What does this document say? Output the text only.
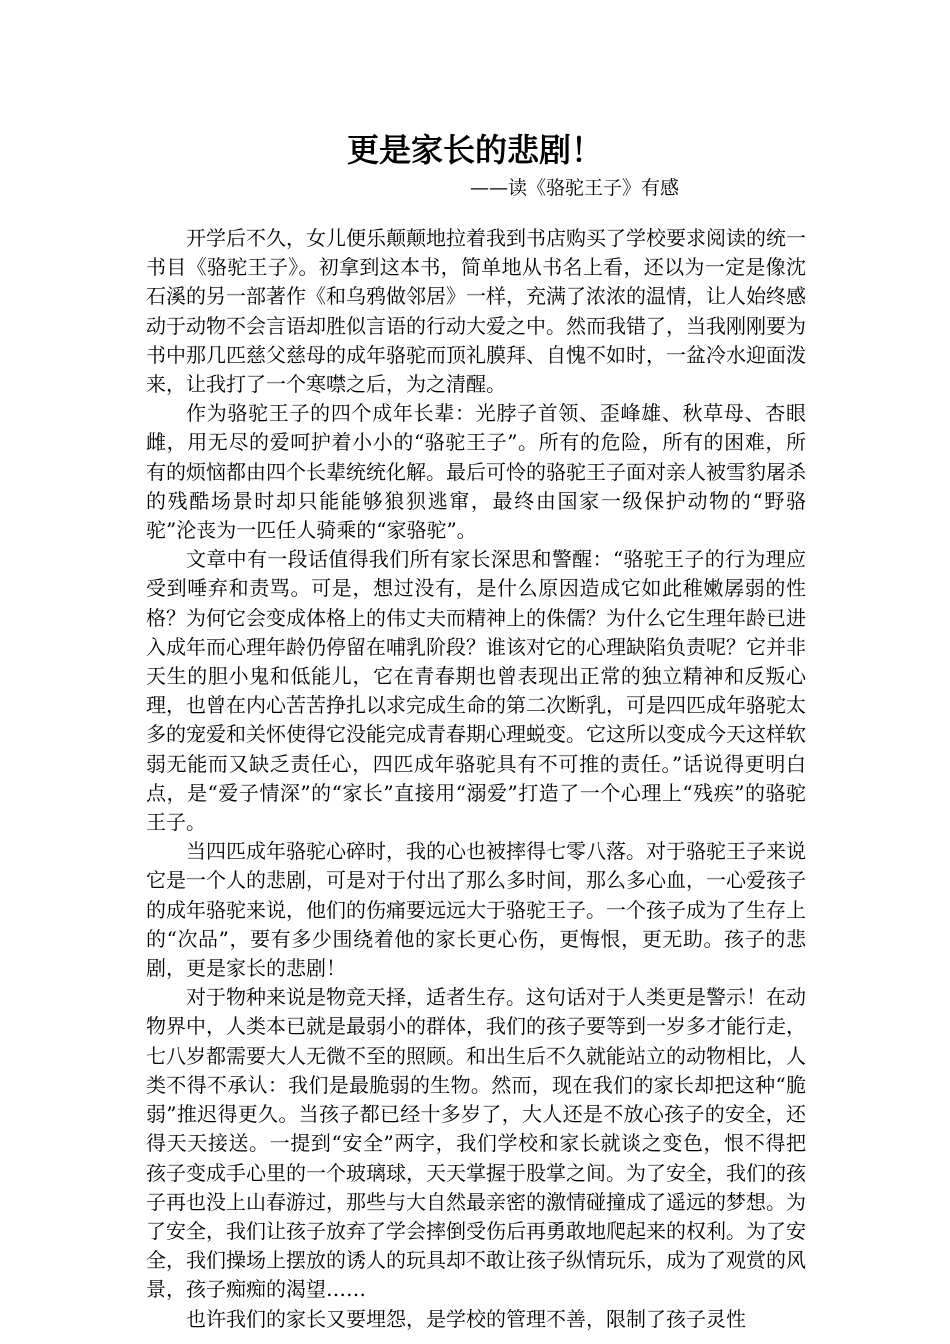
更是家长的悲剧！
——读《骆驼王子》有感

开学后不久，女儿便乐颠颠地拉着我到书店购买了学校要求阅读的统一书目《骆驼王子》。初拿到这本书，简单地从书名上看，还以为一定是像沈石溪的另一部著作《和乌鸦做邻居》一样，充满了浓浓的温情，让人始终感动于动物不会言语却胜似言语的行动大爱之中。然而我错了，当我刚刚要为书中那几匹慈父慈母的成年骆驼而顶礼膜拜、自愧不如时，一盆冷水迎面泼来，让我打了一个寒噤之后，为之清醒。

作为骆驼王子的四个成年长辈：光脖子首领、歪峰雄、秋草母、杏眼雌，用无尽的爱呵护着小小的“骆驼王子”。所有的危险，所有的困难，所有的烦恼都由四个长辈统统化解。最后可怜的骆驼王子面对亲人被雪豹屠杀的残酷场景时却只能能够狼狈逃窜，最终由国家一级保护动物的“野骆驼”沦丧为一匹任人骑乘的“家骆驼”。

文章中有一段话值得我们所有家长深思和警醒：“骆驼王子的行为理应受到唾弃和责骂。可是，想过没有，是什么原因造成它如此稚嫩孱弱的性格？为何它会变成体格上的伟丈夫而精神上的侏儒？为什么它生理年龄已进入成年而心理年龄仍停留在哺乳阶段？谁该对它的心理缺陷负责呢？它并非天生的胆小鬼和低能儿，它在青春期也曾表现出正常的独立精神和反叛心理，也曾在内心苦苦挣扎以求完成生命的第二次断乳，可是四匹成年骆驼太多的宠爱和关怀使得它没能完成青春期心理蜕变。它这所以变成今天这样软弱无能而又缺乏责任心，四匹成年骆驼具有不可推的责任。”话说得更明白点，是“爱子情深”的“家长”直接用“溺爱”打造了一个心理上“残疾”的骆驼王子。

当四匹成年骆驼心碎时，我的心也被摔得七零八落。对于骆驼王子来说它是一个人的悲剧，可是对于付出了那么多时间，那么多心血，一心爱孩子的成年骆驼来说，他们的伤痛要远远大于骆驼王子。一个孩子成为了生存上的“次品”，要有多少围绕着他的家长更心伤，更悔恨，更无助。孩子的悲剧，更是家长的悲剧！

对于物种来说是物竞天择，适者生存。这句话对于人类更是警示！在动物界中，人类本已就是最弱小的群体，我们的孩子要等到一岁多才能行走，七八岁都需要大人无微不至的照顾。和出生后不久就能站立的动物相比，人类不得不承认：我们是最脆弱的生物。然而，现在我们的家长却把这种“脆弱”推迟得更久。当孩子都已经十多岁了，大人还是不放心孩子的安全，还得天天接送。一提到“安全”两字，我们学校和家长就谈之变色，恨不得把孩子变成手心里的一个玻璃球，天天掌握于股掌之间。为了安全，我们的孩子再也没上山春游过，那些与大自然最亲密的激情碰撞成了遥远的梦想。为了安全，我们让孩子放弃了学会摔倒受伤后再勇敢地爬起来的权利。为了安全，我们操场上摆放的诱人的玩具却不敢让孩子纵情玩乐，成为了观赏的风景，孩子痴痴的渴望……

也许我们的家长又要埋怨，是学校的管理不善，限制了孩子灵性
